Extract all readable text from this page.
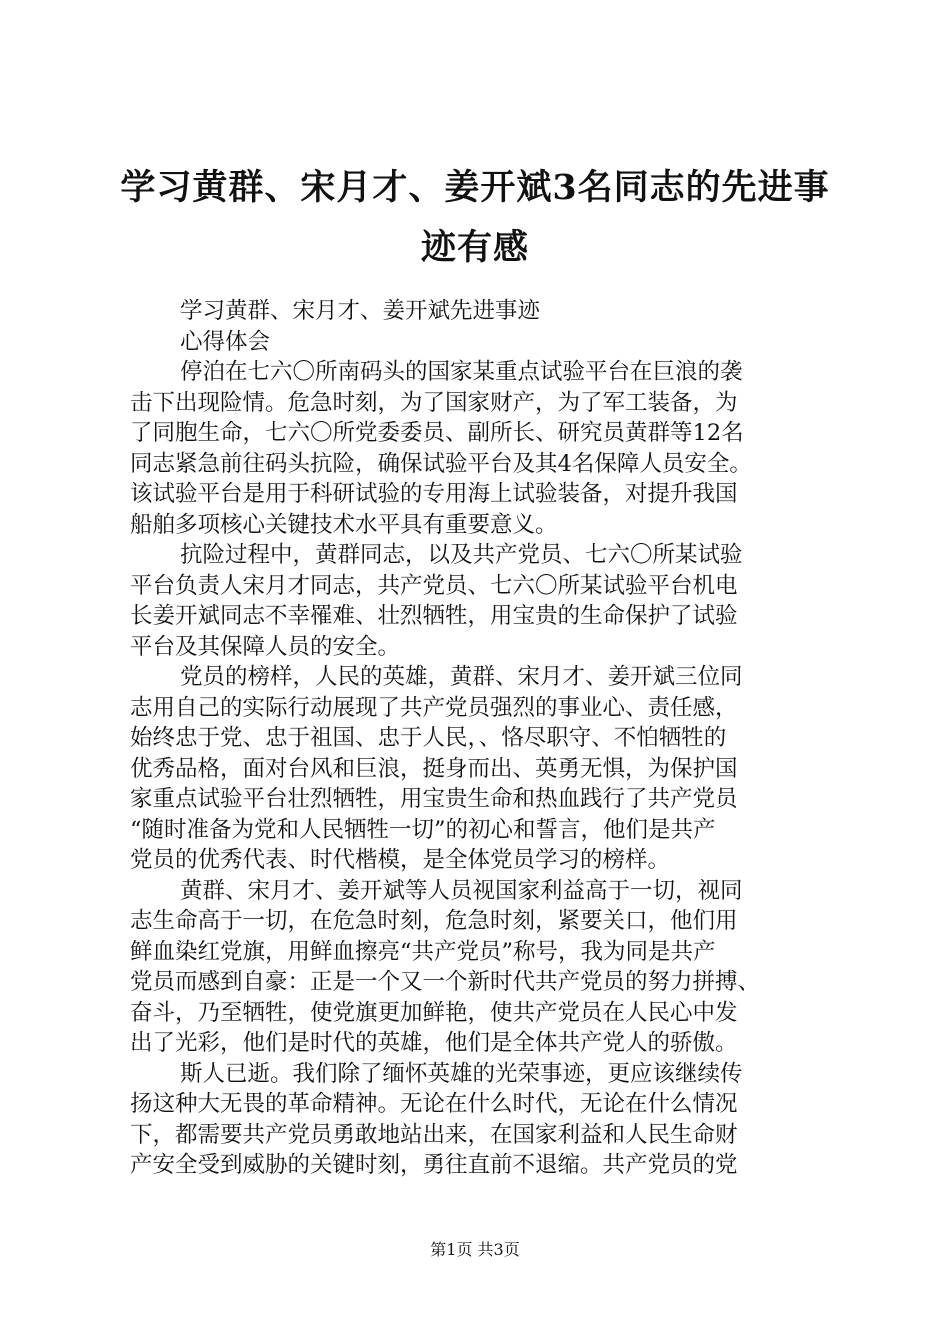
学习黄群、宋月才、姜开斌3名同志的先进事
迹有感
学习黄群、宋月才、姜开斌先进事迹
心得体会
停泊在七六〇所南码头的国家某重点试验平台在巨浪的袭
击下出现险情。危急时刻，为了国家财产，为了军工装备，为
了同胞生命，七六〇所党委委员、副所长、研究员黄群等12名
同志紧急前往码头抗险，确保试验平台及其4名保障人员安全。
该试验平台是用于科研试验的专用海上试验装备，对提升我国
船舶多项核心关键技术水平具有重要意义。
抗险过程中，黄群同志，以及共产党员、七六〇所某试验
平台负责人宋月才同志，共产党员、七六〇所某试验平台机电
长姜开斌同志不幸罹难、壮烈牺牲，用宝贵的生命保护了试验
平台及其保障人员的安全。
党员的榜样，人民的英雄，黄群、宋月才、姜开斌三位同
志用自己的实际行动展现了共产党员强烈的事业心、责任感，
始终忠于党、忠于祖国、忠于人民，、恪尽职守、不怕牺牲的
优秀品格，面对台风和巨浪，挺身而出、英勇无惧，为保护国
家重点试验平台壮烈牺牲，用宝贵生命和热血践行了共产党员
“随时准备为党和人民牺牲一切”的初心和誓言，他们是共产
党员的优秀代表、时代楷模，是全体党员学习的榜样。
黄群、宋月才、姜开斌等人员视国家利益高于一切，视同
志生命高于一切，在危急时刻，危急时刻，紧要关口，他们用
鲜血染红党旗，用鲜血擦亮“共产党员”称号，我为同是共产
党员而感到自豪：正是一个又一个新时代共产党员的努力拼搏、
奋斗，乃至牺牲，使党旗更加鲜艳，使共产党员在人民心中发
出了光彩，他们是时代的英雄，他们是全体共产党人的骄傲。
斯人已逝。我们除了缅怀英雄的光荣事迹，更应该继续传
扬这种大无畏的革命精神。无论在什么时代，无论在什么情况
下，都需要共产党员勇敢地站出来，在国家利益和人民生命财
产安全受到威胁的关键时刻，勇往直前不退缩。共产党员的党
第1页 共3页
